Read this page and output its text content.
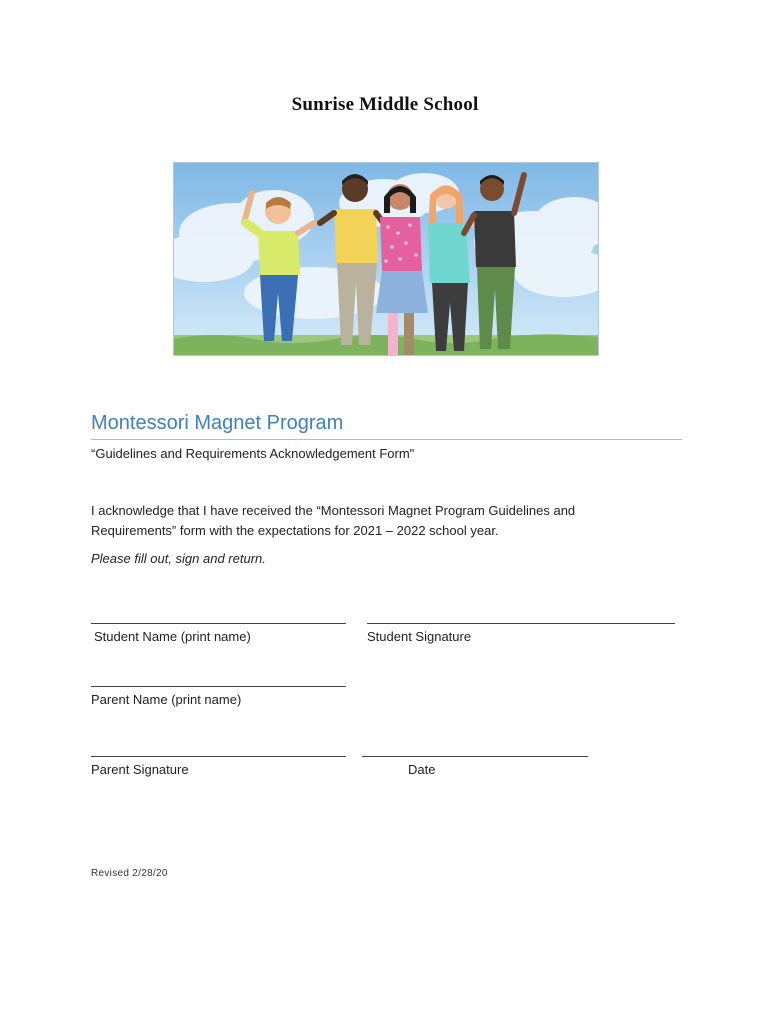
Sunrise Middle School
Montessori Magnet Program
“Guidelines and Requirements Acknowledgement Form"
I acknowledge that I have received the “Montessori Magnet Program Guidelines and Requirements” form with the expectations for 2021 – 2022 school year.
Please fill out, sign and return.
Student Name (print name)	Student Signature
Parent Name (print name)
Parent Signature	Date
Revised 2/28/20
